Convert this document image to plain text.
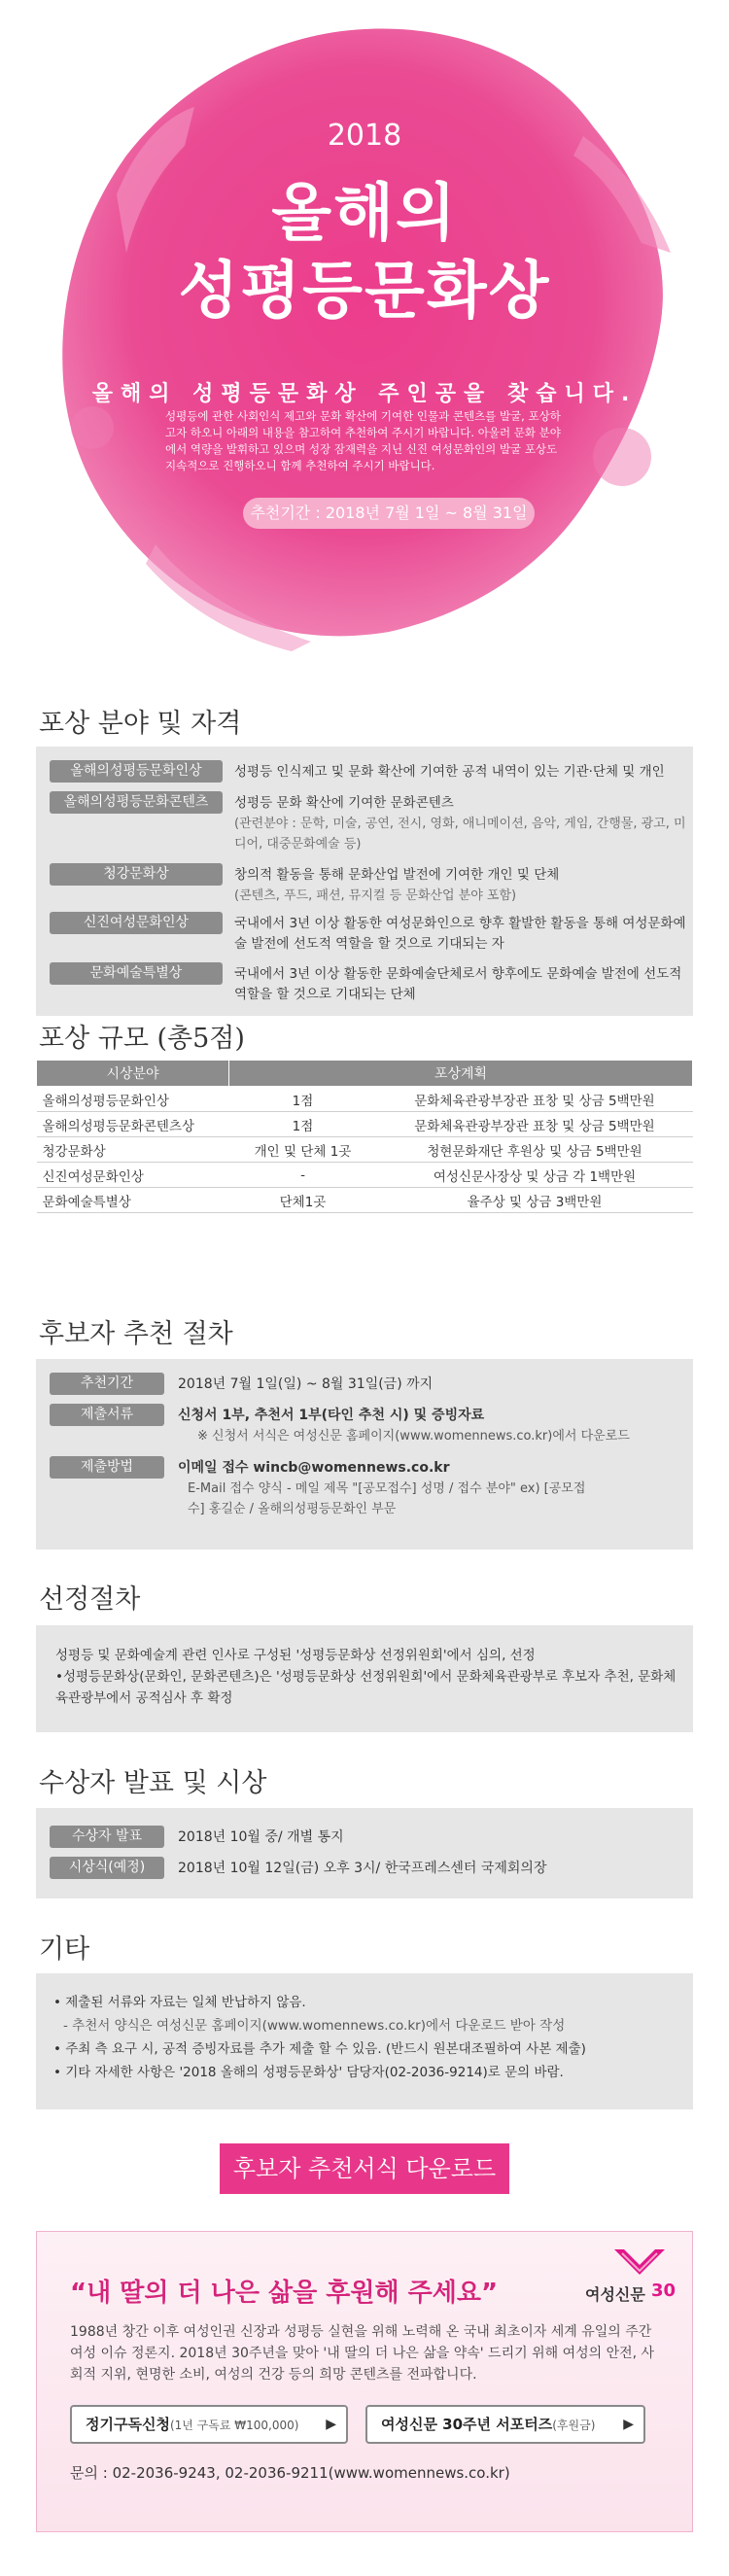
2018
올해의
성평등문화상
올해의 성평등문화상 주인공을 찾습니다.
성평등에 관한 사회인식 제고와 문화 확산에 기여한 인물과 콘텐츠를 발굴, 포상하고자 하오니 아래의 내용을 참고하여 추천하여 주시기 바랍니다. 아울러 문화 분야에서 역량을 발휘하고 있으며 성장 잠재력을 지닌 신진 여성문화인의 발굴 포상도 지속적으로 진행하오니 함께 추천하여 주시기 바랍니다.
추천기간 : 2018년 7월 1일 ~ 8월 31일
포상 분야 및 자격
올해의성평등문화인상	성평등 인식제고 및 문화 확산에 기여한 공적 내역이 있는 기관·단체 및 개인
올해의성평등문화콘텐츠	성평등 문화 확산에 기여한 문화콘텐츠
(관련분야 : 문학, 미술, 공연, 전시, 영화, 애니메이션, 음악, 게임, 간행물, 광고, 미디어, 대중문화예술 등)
청강문화상	창의적 활동을 통해 문화산업 발전에 기여한 개인 및 단체
(콘텐츠, 푸드, 패션, 뮤지컬 등 문화산업 분야 포함)
신진여성문화인상	국내에서 3년 이상 활동한 여성문화인으로 향후 활발한 활동을 통해 여성문화예술 발전에 선도적 역할을 할 것으로 기대되는 자
문화예술특별상	국내에서 3년 이상 활동한 문화예술단체로서 향후에도 문화예술 발전에 선도적 역할을 할 것으로 기대되는 단체
포상 규모 (총5점)
시상분야	포상계획	
올해의성평등문화인상	1점	문화체육관광부장관 표창 및 상금 5백만원
올해의성평등문화콘텐츠상	1점	문화체육관광부장관 표창 및 상금 5백만원
청강문화상	개인 및 단체 1곳	청현문화재단 후원상 및 상금 5백만원
신진여성문화인상	-	여성신문사장상 및 상금 각 1백만원
문화예술특별상	단체1곳	율주상 및 상금 3백만원
후보자 추천 절차
추천기간	2018년 7월 1일(일) ~ 8월 31일(금) 까지
제출서류	신청서 1부, 추천서 1부(타인 추천 시) 및 증빙자료
※ 신청서 서식은 여성신문 홈페이지(www.womennews.co.kr)에서 다운로드
제출방법	이메일 접수 wincb@womennews.co.kr

E-Mail 접수 양식 - 메일 제목 "[공모접수] 성명 / 접수 분야" ex) [공모접수] 홍길순 / 올해의성평등문화인 부문
선정절차
성평등 및 문화예술계 관련 인사로 구성된 '성평등문화상 선정위원회'에서 심의, 선정
•성평등문화상(문화인, 문화콘텐츠)은 '성평등문화상 선정위원회'에서 문화체육관광부로 후보자 추천, 문화체육관광부에서 공적심사 후 확정
수상자 발표 및 시상
수상자 발표	2018년 10월 중/ 개별 통지
시상식(예정)	2018년 10월 12일(금) 오후 3시/ 한국프레스센터 국제회의장
기타
• 제출된 서류와 자료는 일체 반납하지 않음.
- 추천서 양식은 여성신문 홈페이지(www.womennews.co.kr)에서 다운로드 받아 작성
• 주최 측 요구 시, 공적 증빙자료를 추가 제출 할 수 있음. (반드시 원본대조필하여 사본 제출)
• 기타 자세한 사항은 '2018 올해의 성평등문화상' 담당자(02-2036-9214)로 문의 바람.
후보자 추천서식 다운로드
여성신문 30
“내 딸의 더 나은 삶을 후원해 주세요”
1988년 창간 이후 여성인권 신장과 성평등 실현을 위해 노력해 온 국내 최초이자 세계 유일의 주간 여성 이슈 정론지. 2018년 30주년을 맞아 '내 딸의 더 나은 삶을 약속' 드리기 위해 여성의 안전, 사회적 지위, 현명한 소비, 여성의 건강 등의 희망 콘텐츠를 전파합니다.
정기구독신청(1년 구독료 ₩100,000) ▶	여성신문 30주년 서포터즈(후원금) ▶
문의 : 02-2036-9243, 02-2036-9211(www.womennews.co.kr)
